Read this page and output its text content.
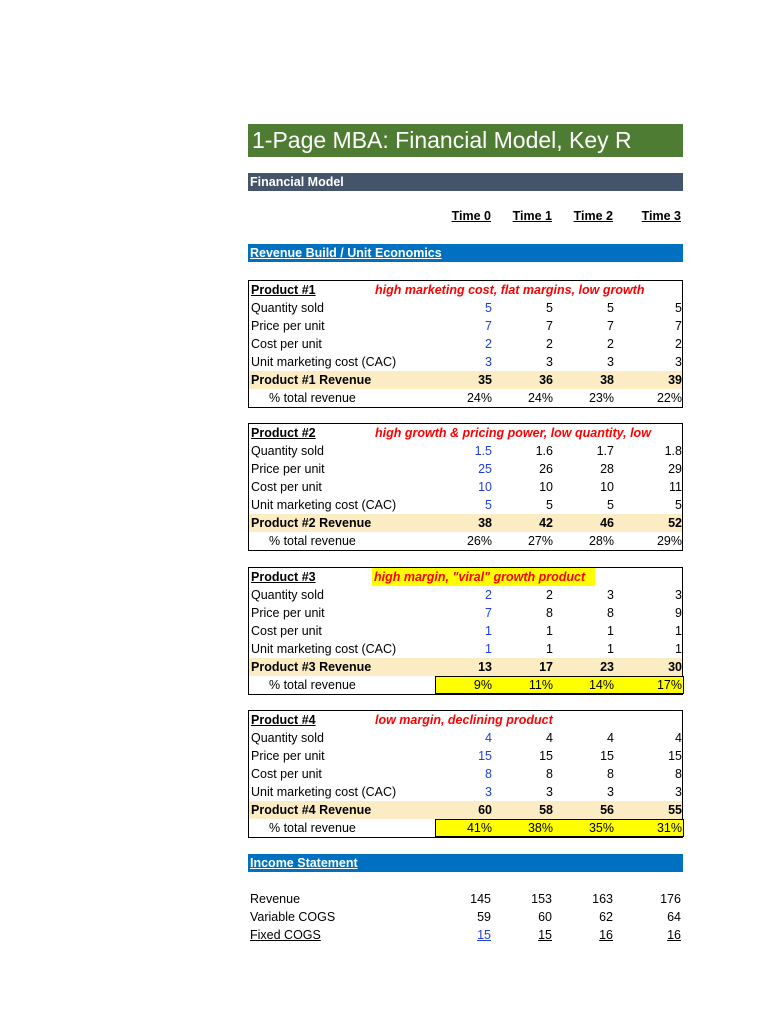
1-Page MBA: Financial Model, Key R
Financial Model
Time 0	Time 1	Time 2	Time 3
Revenue Build / Unit Economics
Product #1	high marketing cost, flat margins, low growth
Quantity sold	5	5	5	5
Price per unit	7	7	7	7
Cost per unit	2	2	2	2
Unit marketing cost (CAC)	3	3	3	3
Product #1 Revenue	35	36	38	39
% total revenue	24%	24%	23%	22%
Product #2	high growth & pricing power, low quantity, low
Quantity sold	1.5	1.6	1.7	1.8
Price per unit	25	26	28	29
Cost per unit	10	10	10	11
Unit marketing cost (CAC)	5	5	5	5
Product #2 Revenue	38	42	46	52
% total revenue	26%	27%	28%	29%
Product #3	high margin, "viral" growth product
Quantity sold	2	2	3	3
Price per unit	7	8	8	9
Cost per unit	1	1	1	1
Unit marketing cost (CAC)	1	1	1	1
Product #3 Revenue	13	17	23	30
% total revenue	9%	11%	14%	17%
Product #4	low margin, declining product
Quantity sold	4	4	4	4
Price per unit	15	15	15	15
Cost per unit	8	8	8	8
Unit marketing cost (CAC)	3	3	3	3
Product #4 Revenue	60	58	56	55
% total revenue	41%	38%	35%	31%
Income Statement
Revenue	145	153	163	176
Variable COGS	59	60	62	64
Fixed COGS	15	15	16	16
